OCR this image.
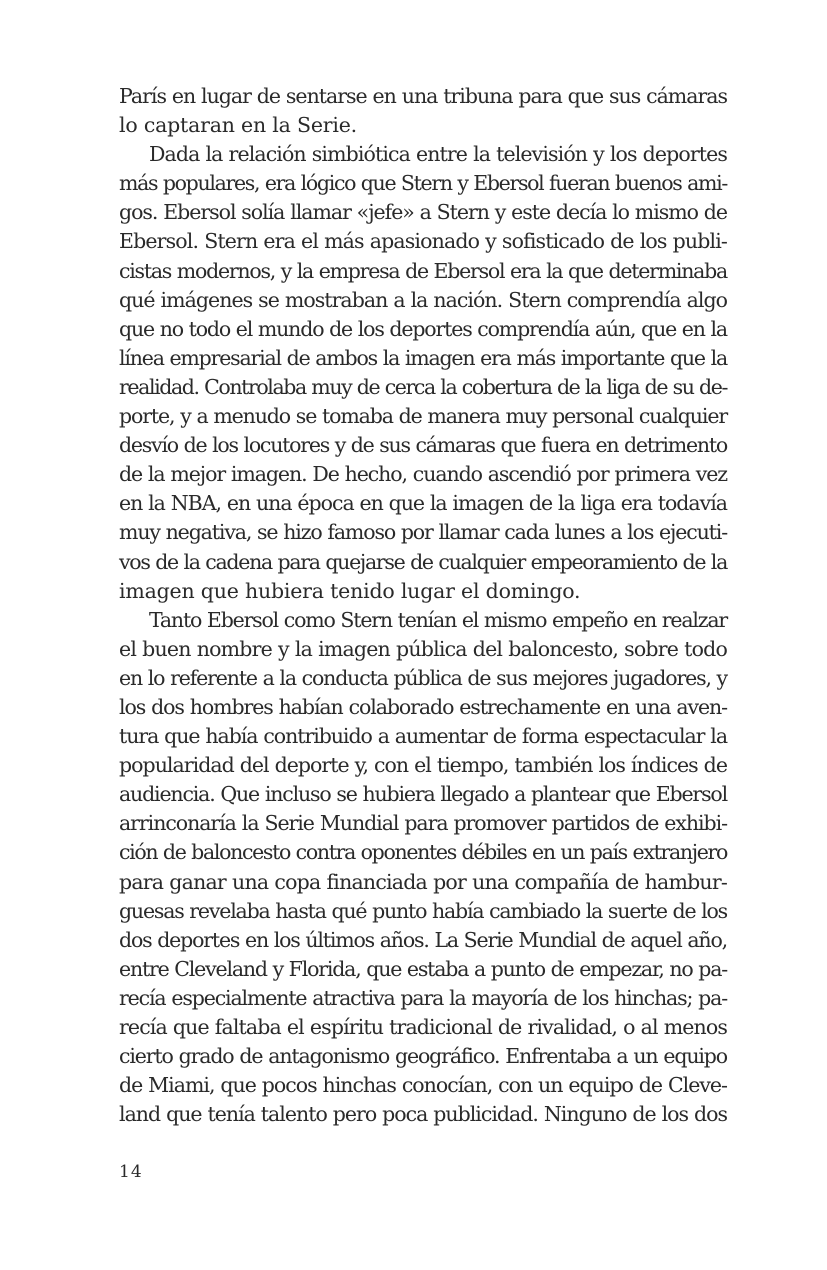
París en lugar de sentarse en una tribuna para que sus cámaras
lo captaran en la Serie.
Dada la relación simbiótica entre la televisión y los deportes
más populares, era lógico que Stern y Ebersol fueran buenos ami-
gos. Ebersol solía llamar «jefe» a Stern y este decía lo mismo de
Ebersol. Stern era el más apasionado y sofisticado de los publi-
cistas modernos, y la empresa de Ebersol era la que determinaba
qué imágenes se mostraban a la nación. Stern comprendía algo
que no todo el mundo de los deportes comprendía aún, que en la
línea empresarial de ambos la imagen era más importante que la
realidad. Controlaba muy de cerca la cobertura de la liga de su de-
porte, y a menudo se tomaba de manera muy personal cualquier
desvío de los locutores y de sus cámaras que fuera en detrimento
de la mejor imagen. De hecho, cuando ascendió por primera vez
en la NBA, en una época en que la imagen de la liga era todavía
muy negativa, se hizo famoso por llamar cada lunes a los ejecuti-
vos de la cadena para quejarse de cualquier empeoramiento de la
imagen que hubiera tenido lugar el domingo.
Tanto Ebersol como Stern tenían el mismo empeño en realzar
el buen nombre y la imagen pública del baloncesto, sobre todo
en lo referente a la conducta pública de sus mejores jugadores, y
los dos hombres habían colaborado estrechamente en una aven-
tura que había contribuido a aumentar de forma espectacular la
popularidad del deporte y, con el tiempo, también los índices de
audiencia. Que incluso se hubiera llegado a plantear que Ebersol
arrinconaría la Serie Mundial para promover partidos de exhibi-
ción de baloncesto contra oponentes débiles en un país extranjero
para ganar una copa financiada por una compañía de hambur-
guesas revelaba hasta qué punto había cambiado la suerte de los
dos deportes en los últimos años. La Serie Mundial de aquel año,
entre Cleveland y Florida, que estaba a punto de empezar, no pa-
recía especialmente atractiva para la mayoría de los hinchas; pa-
recía que faltaba el espíritu tradicional de rivalidad, o al menos
cierto grado de antagonismo geográfico. Enfrentaba a un equipo
de Miami, que pocos hinchas conocían, con un equipo de Cleve-
land que tenía talento pero poca publicidad. Ninguno de los dos
14
